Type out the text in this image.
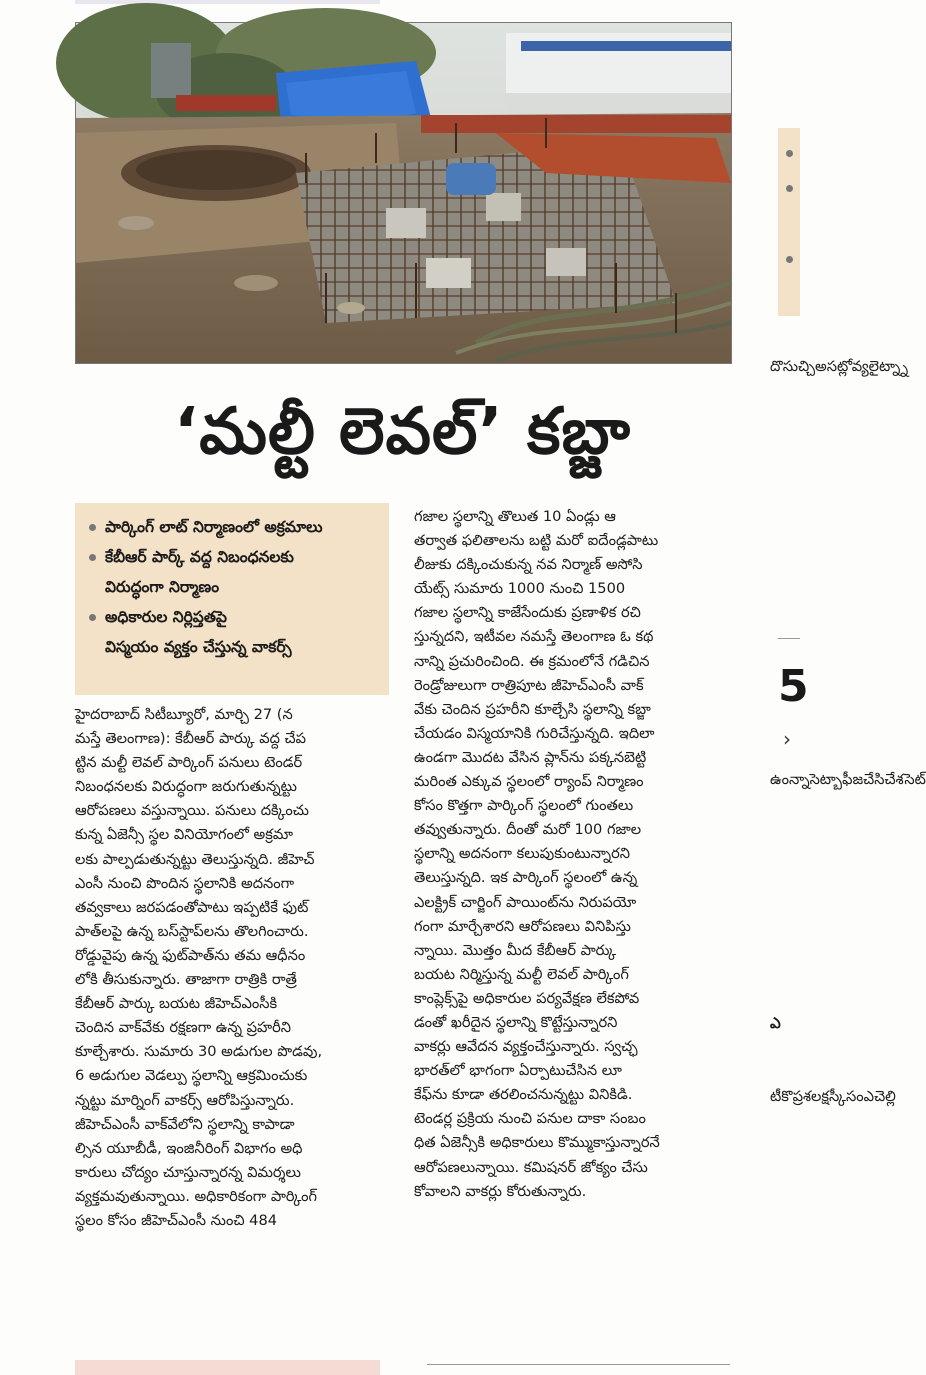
‘మల్టీ లెవల్’ కబ్జా
పార్కింగ్‌ లాట్‌ నిర్మాణంలో అక్రమాలు
కేబీఆర్‌ పార్క్‌ వద్ద నిబంధనలకు
విరుద్ధంగా నిర్మాణం
అధికారుల నిర్లిప్తతపై
విస్మయం వ్యక్తం చేస్తున్న వాకర్స్‌
హైదరాబాద్‌ సిటీబ్యూరో, మార్చి 27 (న
మస్తే తెలంగాణ): కేబీఆర్‌ పార్కు వద్ద చేప
ట్టిన మల్టీ లెవల్‌ పార్కింగ్‌ పనులు టెండర్‌
నిబంధనలకు విరుద్ధంగా జరుగుతున్నట్టు
ఆరోపణలు వస్తున్నాయి. పనులు దక్కించు
కున్న ఏజెన్సీ స్థల వినియోగంలో అక్రమా
లకు పాల్పడుతున్నట్టు తెలుస్తున్నది. జీహెచ్‌
ఎంసీ నుంచి పొందిన స్థలానికి అదనంగా
తవ్వకాలు జరపడంతోపాటు ఇప్పటికే ఫుట్‌
పాత్‌లపై ఉన్న బస్‌స్టాప్‌లను తొలగించారు.
రోడ్డువైపు ఉన్న ఫుట్‌పాత్‌ను తమ ఆధీనం
లోకి తీసుకున్నారు. తాజాగా రాత్రికి రాత్రే
కేబీఆర్‌ పార్కు బయట జీహెచ్‌ఎంసీకి
చెందిన వాక్‌వేకు రక్షణగా ఉన్న ప్రహరీని
కూల్చేశారు. సుమారు 30 అడుగుల పొడవు,
6 అడుగుల వెడల్పు స్థలాన్ని ఆక్రమించుకు
న్నట్టు మార్నింగ్‌ వాకర్స్‌ ఆరోపిస్తున్నారు.
జీహెచ్‌ఎంసీ వాక్‌వేలోని స్థలాన్ని కాపాడా
ల్సిన యూబీడీ, ఇంజినీరింగ్‌ విభాగం అధి
కారులు చోద్యం చూస్తున్నారన్న విమర్శలు
వ్యక్తమవుతున్నాయి. అధికారికంగా పార్కింగ్‌
స్థలం కోసం జీహెచ్‌ఎంసీ నుంచి 484
గజాల స్థలాన్ని తొలుత 10 ఏండ్లు ఆ
తర్వాత ఫలితాలను బట్టి మరో ఐదేండ్లపాటు
లీజుకు దక్కించుకున్న నవ నిర్మాణ్‌ అసోసి
యేట్స్‌ సుమారు 1000 నుంచి 1500
గజాల స్థలాన్ని కాజేసేందుకు ప్రణాళిక రచి
స్తున్నదని, ఇటీవల నమస్తే తెలంగాణ ఓ కథ
నాన్ని ప్రచురించింది. ఈ క్రమంలోనే గడిచిన
రెండ్రోజులుగా రాత్రిపూట జీహెచ్‌ఎంసీ వాక్‌
వేకు చెందిన ప్రహరీని కూల్చేసి స్థలాన్ని కబ్జా
చేయడం విస్మయానికి గురిచేస్తున్నది. ఇదిలా
ఉండగా మొదట వేసిన ప్లాన్‌ను పక్కనబెట్టి
మరింత ఎక్కువ స్థలంలో ర్యాంప్‌ నిర్మాణం
కోసం కొత్తగా పార్కింగ్‌ స్థలంలో గుంతలు
తవ్వుతున్నారు. దీంతో మరో 100 గజాల
స్థలాన్ని అదనంగా కలుపుకుంటున్నారని
తెలుస్తున్నది. ఇక పార్కింగ్‌ స్థలంలో ఉన్న
ఎలక్ట్రిక్‌ చార్జింగ్‌ పాయింట్‌ను నిరుపయో
గంగా మార్చేశారని ఆరోపణలు వినిపిస్తు
న్నాయి. మొత్తం మీద కేబీఆర్‌ పార్కు
బయట నిర్మిస్తున్న మల్టీ లెవల్‌ పార్కింగ్‌
కాంప్లెక్స్‌పై అధికారుల పర్యవేక్షణ లేకపోవ
డంతో ఖరీదైన స్థలాన్ని కొట్టేస్తున్నారని
వాకర్లు ఆవేదన వ్యక్తంచేస్తున్నారు. స్వచ్ఛ
భారత్‌లో భాగంగా ఏర్పాటుచేసిన లూ
కేఫ్‌ను కూడా తరలించనున్నట్టు వినికిడి.
టెండర్ల ప్రక్రియ నుంచి పనుల దాకా సంబం
ధిత ఏజెన్సీకి అధికారులు కొమ్ముకాస్తున్నారనే
ఆరోపణలున్నాయి. కమిషనర్‌ జోక్యం చేసు
కోవాలని వాకర్లు కోరుతున్నారు.
దొసుచ్చిఅసట్లోవ్యలైట్
5
›
ఉంన్నాసెట్ఫీజచేసిచేశసెట్
ఎ
టీకొప్రశలక్షస్కీసంఎచెల్లి
